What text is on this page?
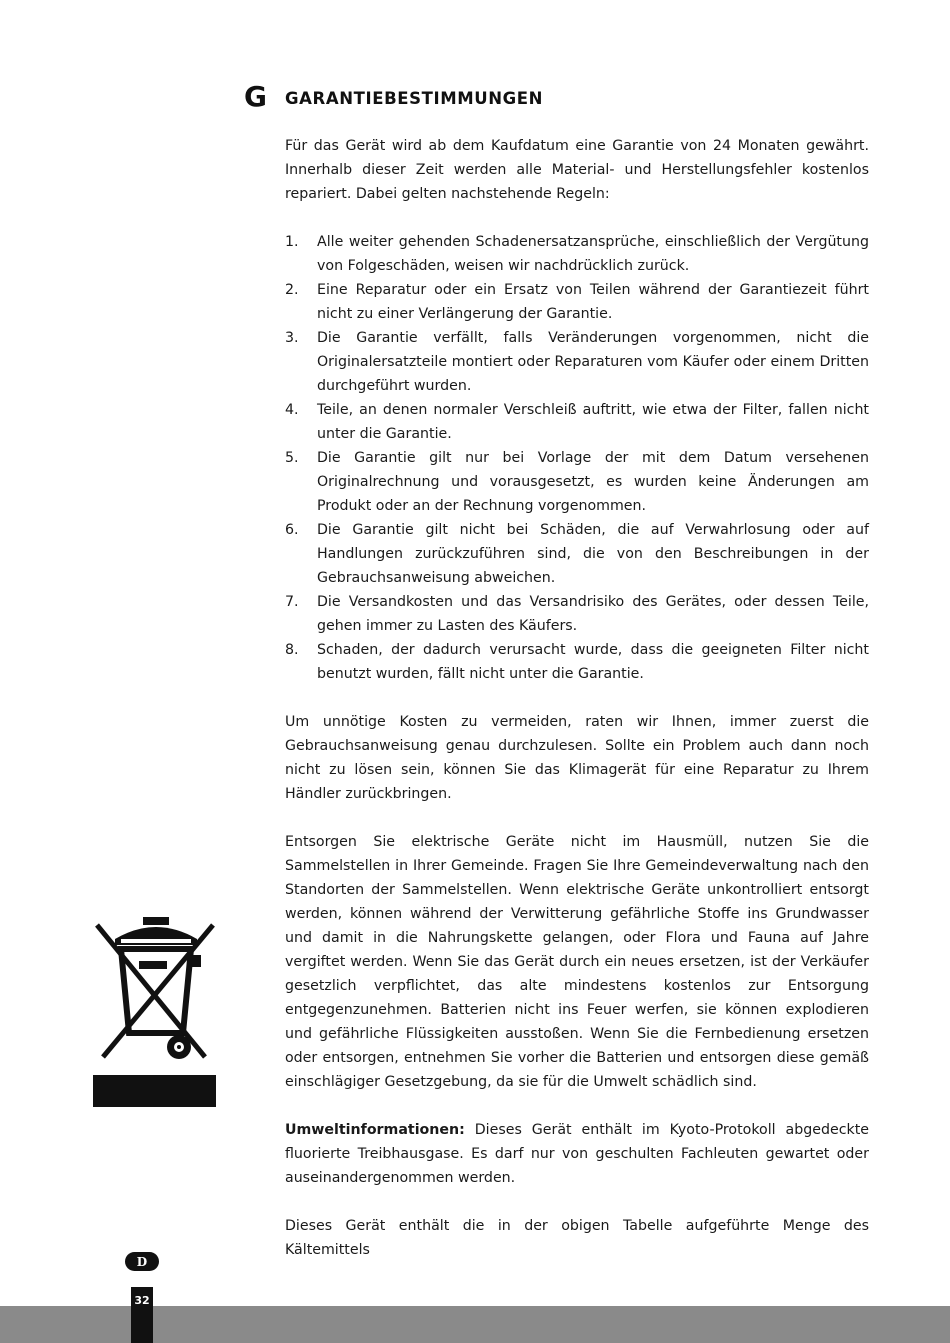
G GARANTIEBESTIMMUNGEN

Für das Gerät wird ab dem Kaufdatum eine Garantie von 24 Monaten gewährt. Innerhalb dieser Zeit werden alle Material- und Herstellungsfehler kostenlos repariert. Dabei gelten nachstehende Regeln:

1.	Alle weiter gehenden Schadenersatzansprüche, einschließlich der Vergütung von Folgeschäden, weisen wir nachdrücklich zurück.
2.	Eine Reparatur oder ein Ersatz von Teilen während der Garantiezeit führt nicht zu einer Verlängerung der Garantie.
3.	Die Garantie verfällt, falls Veränderungen vorgenommen, nicht die Originalersatzteile montiert oder Reparaturen vom Käufer oder einem Dritten durchgeführt wurden.
4.	Teile, an denen normaler Verschleiß auftritt, wie etwa der Filter, fallen nicht unter die Garantie.
5.	Die Garantie gilt nur bei Vorlage der mit dem Datum versehenen Originalrechnung und vorausgesetzt, es wurden keine Änderungen am Produkt oder an der Rechnung vorgenommen.
6.	Die Garantie gilt nicht bei Schäden, die auf Verwahrlosung oder auf Handlungen zurückzuführen sind, die von den Beschreibungen in der Gebrauchsanweisung abweichen.
7.	Die Versandkosten und das Versandrisiko des Gerätes, oder dessen Teile, gehen immer zu Lasten des Käufers.
8.	Schaden, der dadurch verursacht wurde, dass die geeigneten Filter nicht benutzt wurden, fällt nicht unter die Garantie.

Um unnötige Kosten zu vermeiden, raten wir Ihnen, immer zuerst die Gebrauchsanweisung genau durchzulesen. Sollte ein Problem auch dann noch nicht zu lösen sein, können Sie das Klimagerät für eine Reparatur zu Ihrem Händler zurückbringen.

Entsorgen Sie elektrische Geräte nicht im Hausmüll, nutzen Sie die Sammelstellen in Ihrer Gemeinde. Fragen Sie Ihre Gemeindeverwaltung nach den Standorten der Sammelstellen. Wenn elektrische Geräte unkontrolliert entsorgt werden, können während der Verwitterung gefährliche Stoffe ins Grundwasser und damit in die Nahrungskette gelangen, oder Flora und Fauna auf Jahre vergiftet werden. Wenn Sie das Gerät durch ein neues ersetzen, ist der Verkäufer gesetzlich verpflichtet, das alte mindestens kostenlos zur Entsorgung entgegenzunehmen. Batterien nicht ins Feuer werfen, sie können explodieren und gefährliche Flüssigkeiten ausstoßen. Wenn Sie die Fernbedienung ersetzen oder entsorgen, entnehmen Sie vorher die Batterien und entsorgen diese gemäß einschlägiger Gesetzgebung, da sie für die Umwelt schädlich sind.

Umweltinformationen: Dieses Gerät enthält im Kyoto-Protokoll abgedeckte fluorierte Treibhausgase. Es darf nur von geschulten Fachleuten gewartet oder auseinandergenommen werden.

Dieses Gerät enthält die in der obigen Tabelle aufgeführte Menge des Kältemittels

D
32
